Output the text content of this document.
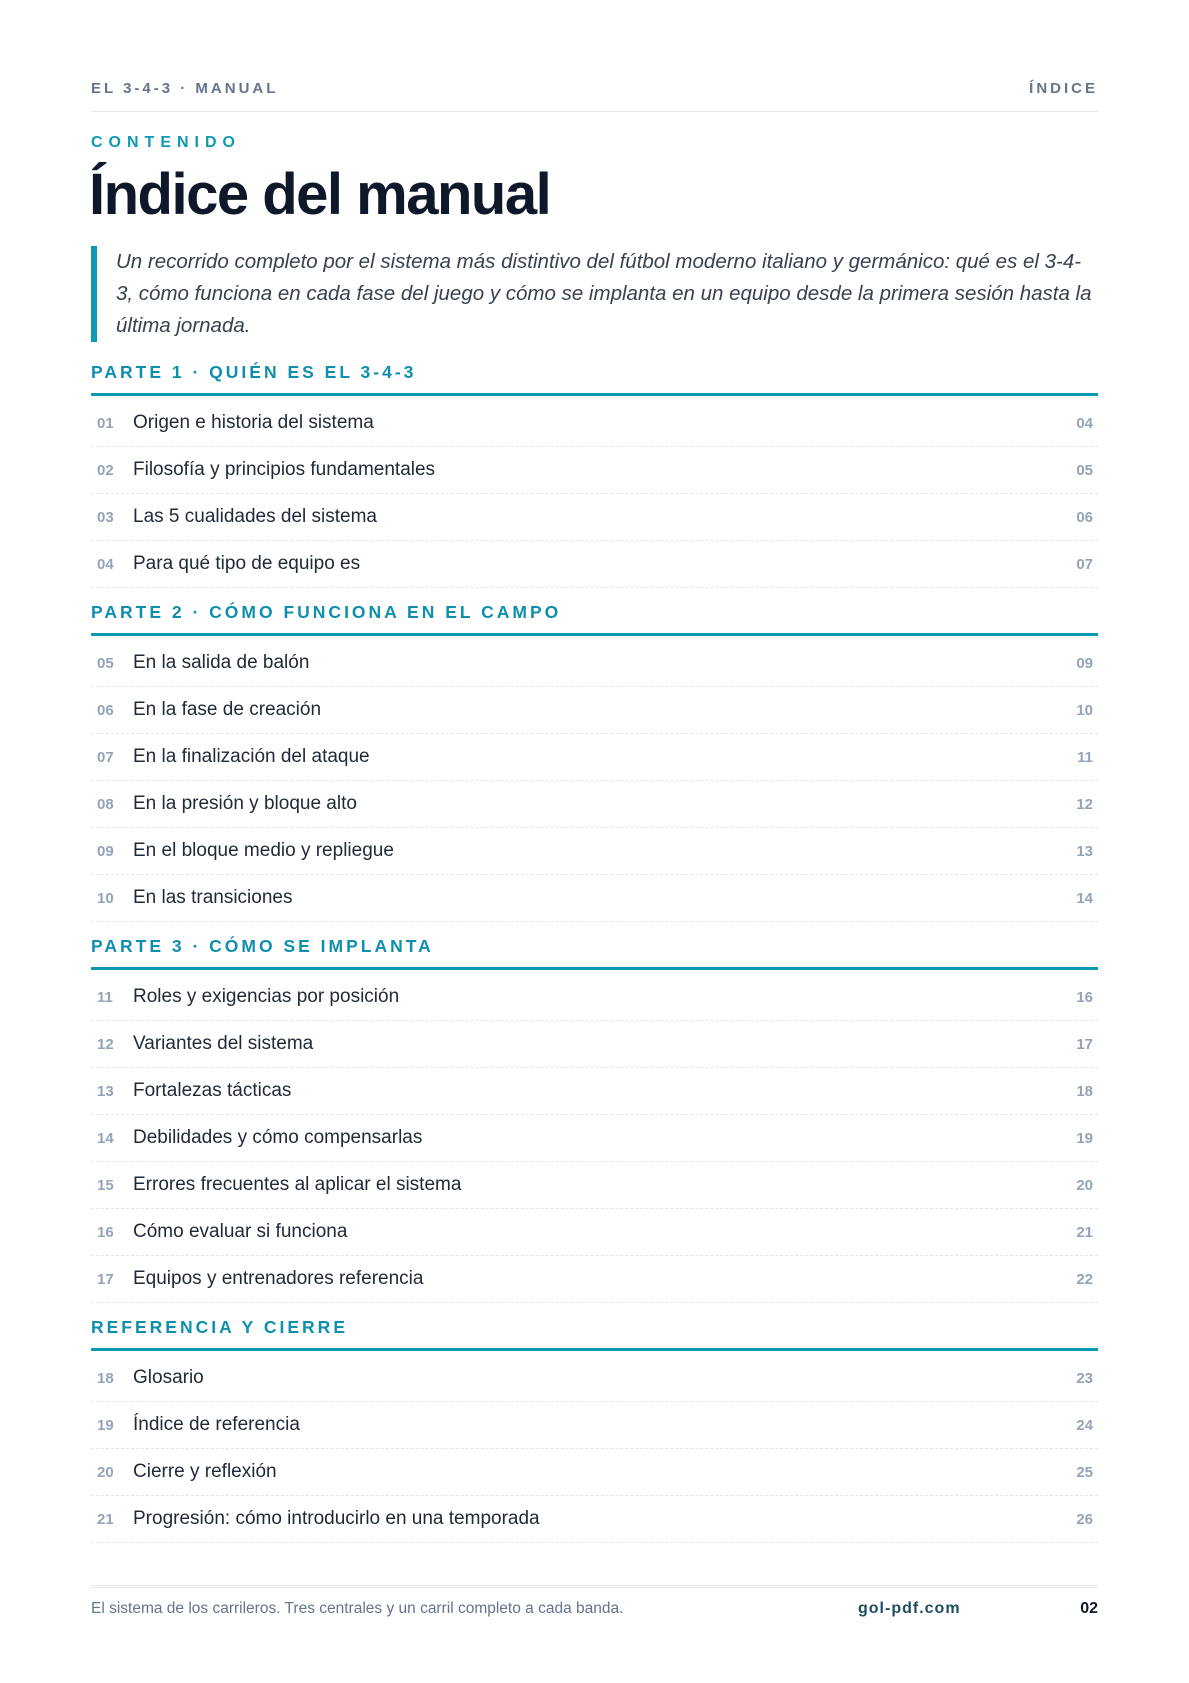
EL 3-4-3 · MANUAL	ÍNDICE
CONTENIDO
Índice del manual

Un recorrido completo por el sistema más distintivo del fútbol moderno italiano y germánico: qué es el 3-4-3, cómo funciona en cada fase del juego y cómo se implanta en un equipo desde la primera sesión hasta la última jornada.

PARTE 1 · QUIÉN ES EL 3-4-3
01	Origen e historia del sistema	04
02	Filosofía y principios fundamentales	05
03	Las 5 cualidades del sistema	06
04	Para qué tipo de equipo es	07
PARTE 2 · CÓMO FUNCIONA EN EL CAMPO
05	En la salida de balón	09
06	En la fase de creación	10
07	En la finalización del ataque	11
08	En la presión y bloque alto	12
09	En el bloque medio y repliegue	13
10	En las transiciones	14
PARTE 3 · CÓMO SE IMPLANTA
11	Roles y exigencias por posición	16
12	Variantes del sistema	17
13	Fortalezas tácticas	18
14	Debilidades y cómo compensarlas	19
15	Errores frecuentes al aplicar el sistema	20
16	Cómo evaluar si funciona	21
17	Equipos y entrenadores referencia	22
REFERENCIA Y CIERRE
18	Glosario	23
19	Índice de referencia	24
20	Cierre y reflexión	25
21	Progresión: cómo introducirlo en una temporada	26
El sistema de los carrileros. Tres centrales y un carril completo a cada banda.	gol-pdf.com	02
